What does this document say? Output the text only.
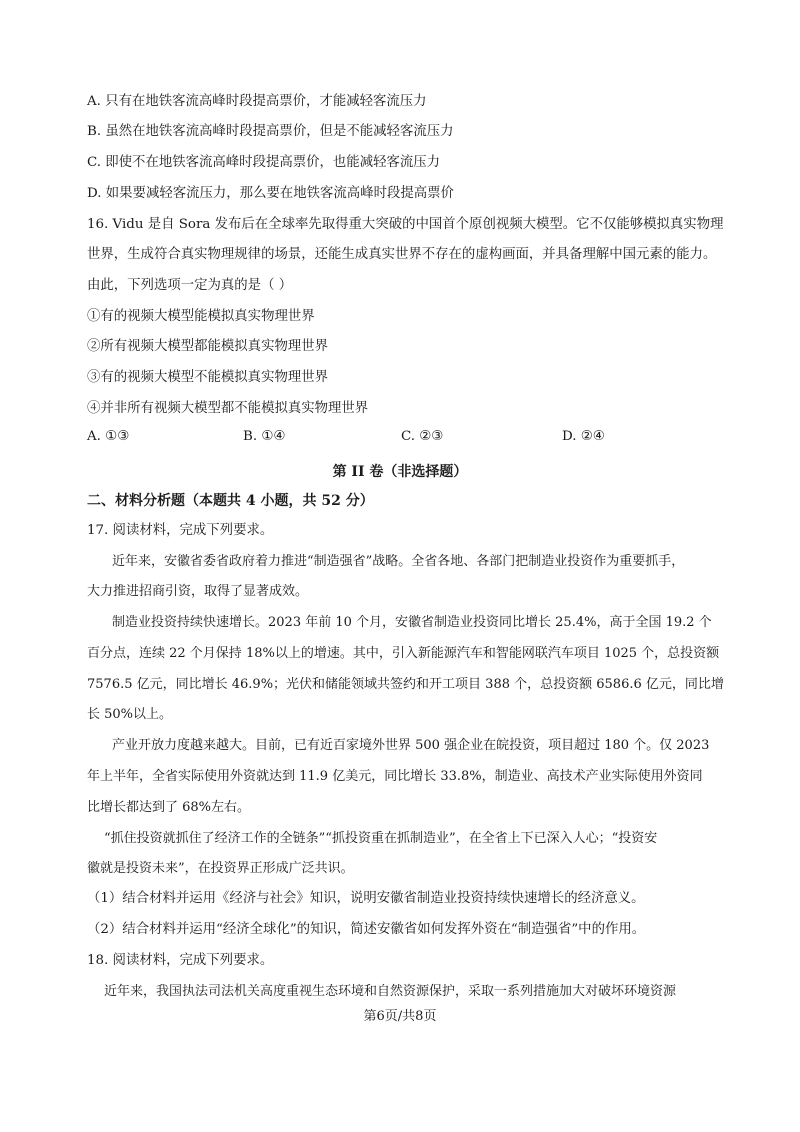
A. 只有在地铁客流高峰时段提高票价，才能减轻客流压力
B. 虽然在地铁客流高峰时段提高票价，但是不能减轻客流压力
C. 即使不在地铁客流高峰时段提高票价，也能减轻客流压力
D. 如果要减轻客流压力，那么要在地铁客流高峰时段提高票价
16. Vidu 是自 Sora 发布后在全球率先取得重大突破的中国首个原创视频大模型。它不仅能够模拟真实物理
世界，生成符合真实物理规律的场景，还能生成真实世界不存在的虚构画面，并具备理解中国元素的能力。
由此，下列选项一定为真的是（ ）
①有的视频大模型能模拟真实物理世界
②所有视频大模型都能模拟真实物理世界
③有的视频大模型不能模拟真实物理世界
④并非所有视频大模型都不能模拟真实物理世界
A. ①③	B. ①④	C. ②③	D. ②④
第 II 卷（非选择题）
二、材料分析题（本题共 4 小题，共 52 分）
17. 阅读材料，完成下列要求。
近年来，安徽省委省政府着力推进“制造强省”战略。全省各地、各部门把制造业投资作为重要抓手，
大力推进招商引资，取得了显著成效。
制造业投资持续快速增长。2023 年前 10 个月，安徽省制造业投资同比增长 25.4%，高于全国 19.2 个
百分点，连续 22 个月保持 18%以上的增速。其中，引入新能源汽车和智能网联汽车项目 1025 个，总投资额
7576.5 亿元，同比增长 46.9%；光伏和储能领域共签约和开工项目 388 个，总投资额 6586.6 亿元，同比增
长 50%以上。
产业开放力度越来越大。目前，已有近百家境外世界 500 强企业在皖投资，项目超过 180 个。仅 2023
年上半年，全省实际使用外资就达到 11.9 亿美元，同比增长 33.8%，制造业、高技术产业实际使用外资同
比增长都达到了 68%左右。
“抓住投资就抓住了经济工作的全链条”“抓投资重在抓制造业”，在全省上下已深入人心；“投资安
徽就是投资未来”，在投资界正形成广泛共识。
（1）结合材料并运用《经济与社会》知识，说明安徽省制造业投资持续快速增长的经济意义。
（2）结合材料并运用“经济全球化”的知识，简述安徽省如何发挥外资在“制造强省”中的作用。
18. 阅读材料，完成下列要求。
近年来，我国执法司法机关高度重视生态环境和自然资源保护，采取一系列措施加大对破坏环境资源
第6页/共8页
